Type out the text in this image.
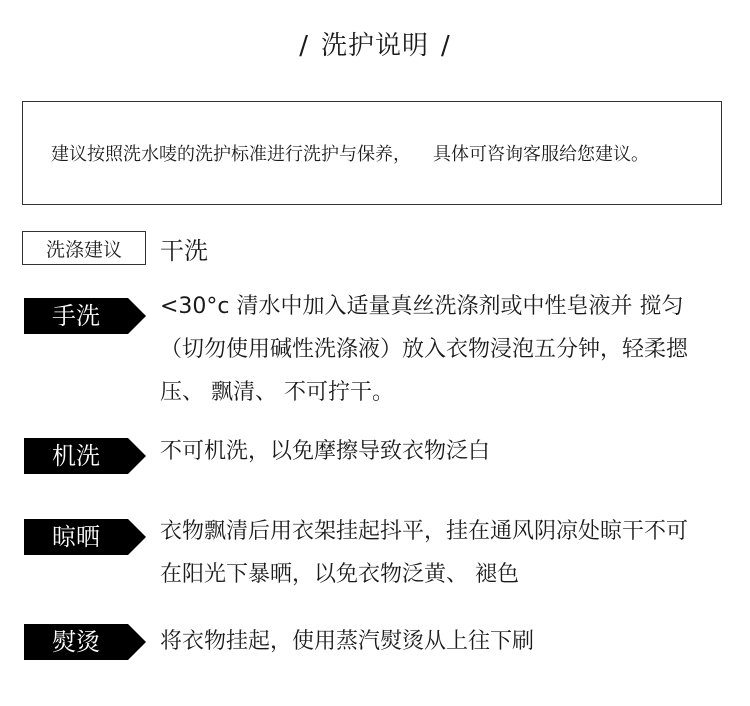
/ 洗护说明 /
建议按照洗水唛的洗护标准进行洗护与保养， 具体可咨询客服给您建议。
洗涤建议	干洗
手洗	<30°c 清水中加入适量真丝洗涤剂或中性皂液并 搅匀
（切勿使用碱性洗涤液）放入衣物浸泡五分钟，轻柔摁
压、 飘清、 不可拧干。
机洗	不可机洗，以免摩擦导致衣物泛白
晾晒	衣物飘清后用衣架挂起抖平，挂在通风阴凉处晾干不可
在阳光下暴晒，以免衣物泛黄、 褪色
熨烫	将衣物挂起，使用蒸汽熨烫从上往下刷
